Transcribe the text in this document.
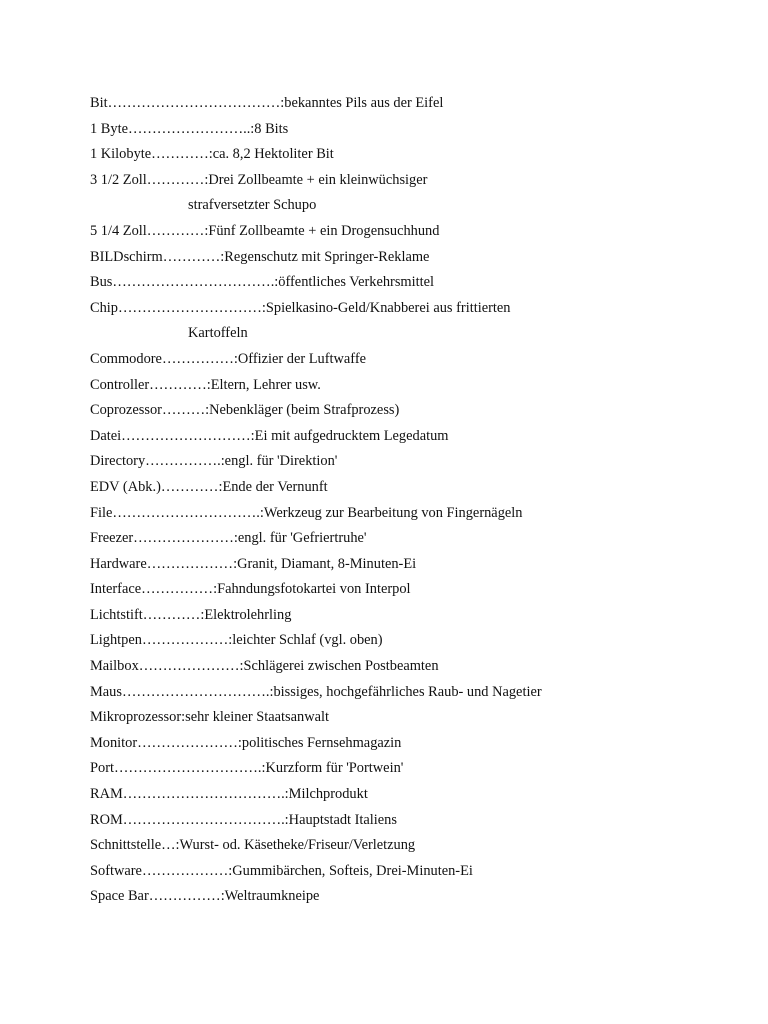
Bit………………………………:bekanntes Pils aus der Eifel
1 Byte……………………..:8 Bits
1 Kilobyte…………:ca. 8,2 Hektoliter Bit
3 1/2 Zoll…………:Drei Zollbeamte + ein kleinwüchsiger
strafversetzter Schupo
5 1/4 Zoll…………:Fünf Zollbeamte + ein Drogensuchhund
BILDschirm…………:Regenschutz mit Springer-Reklame
Bus…………………………….:öffentliches Verkehrsmittel
Chip…………………………:Spielkasino-Geld/Knabberei aus frittierten
Kartoffeln
Commodore……………:Offizier der Luftwaffe
Controller…………:Eltern, Lehrer usw.
Coprozessor………:Nebenkläger (beim Strafprozess)
Datei………………………:Ei mit aufgedrucktem Legedatum
Directory…………….:engl. für 'Direktion'
EDV (Abk.)…………:Ende der Vernunft
File………………………….:Werkzeug zur Bearbeitung von Fingernägeln
Freezer…………………:engl. für 'Gefriertruhe'
Hardware………………:Granit, Diamant, 8-Minuten-Ei
Interface……………:Fahndungsfotokartei von Interpol
Lichtstift…………:Elektrolehrling
Lightpen………………:leichter Schlaf (vgl. oben)
Mailbox…………………:Schlägerei zwischen Postbeamten
Maus………………………….:bissiges, hochgefährliches Raub- und Nagetier
Mikroprozessor:sehr kleiner Staatsanwalt
Monitor…………………:politisches Fernsehmagazin
Port………………………….:Kurzform für 'Portwein'
RAM…………………………….:Milchprodukt
ROM…………………………….:Hauptstadt Italiens
Schnittstelle…:Wurst- od. Käsetheke/Friseur/Verletzung
Software………………:Gummibärchen, Softeis, Drei-Minuten-Ei
Space Bar……………:Weltraumkneipe
